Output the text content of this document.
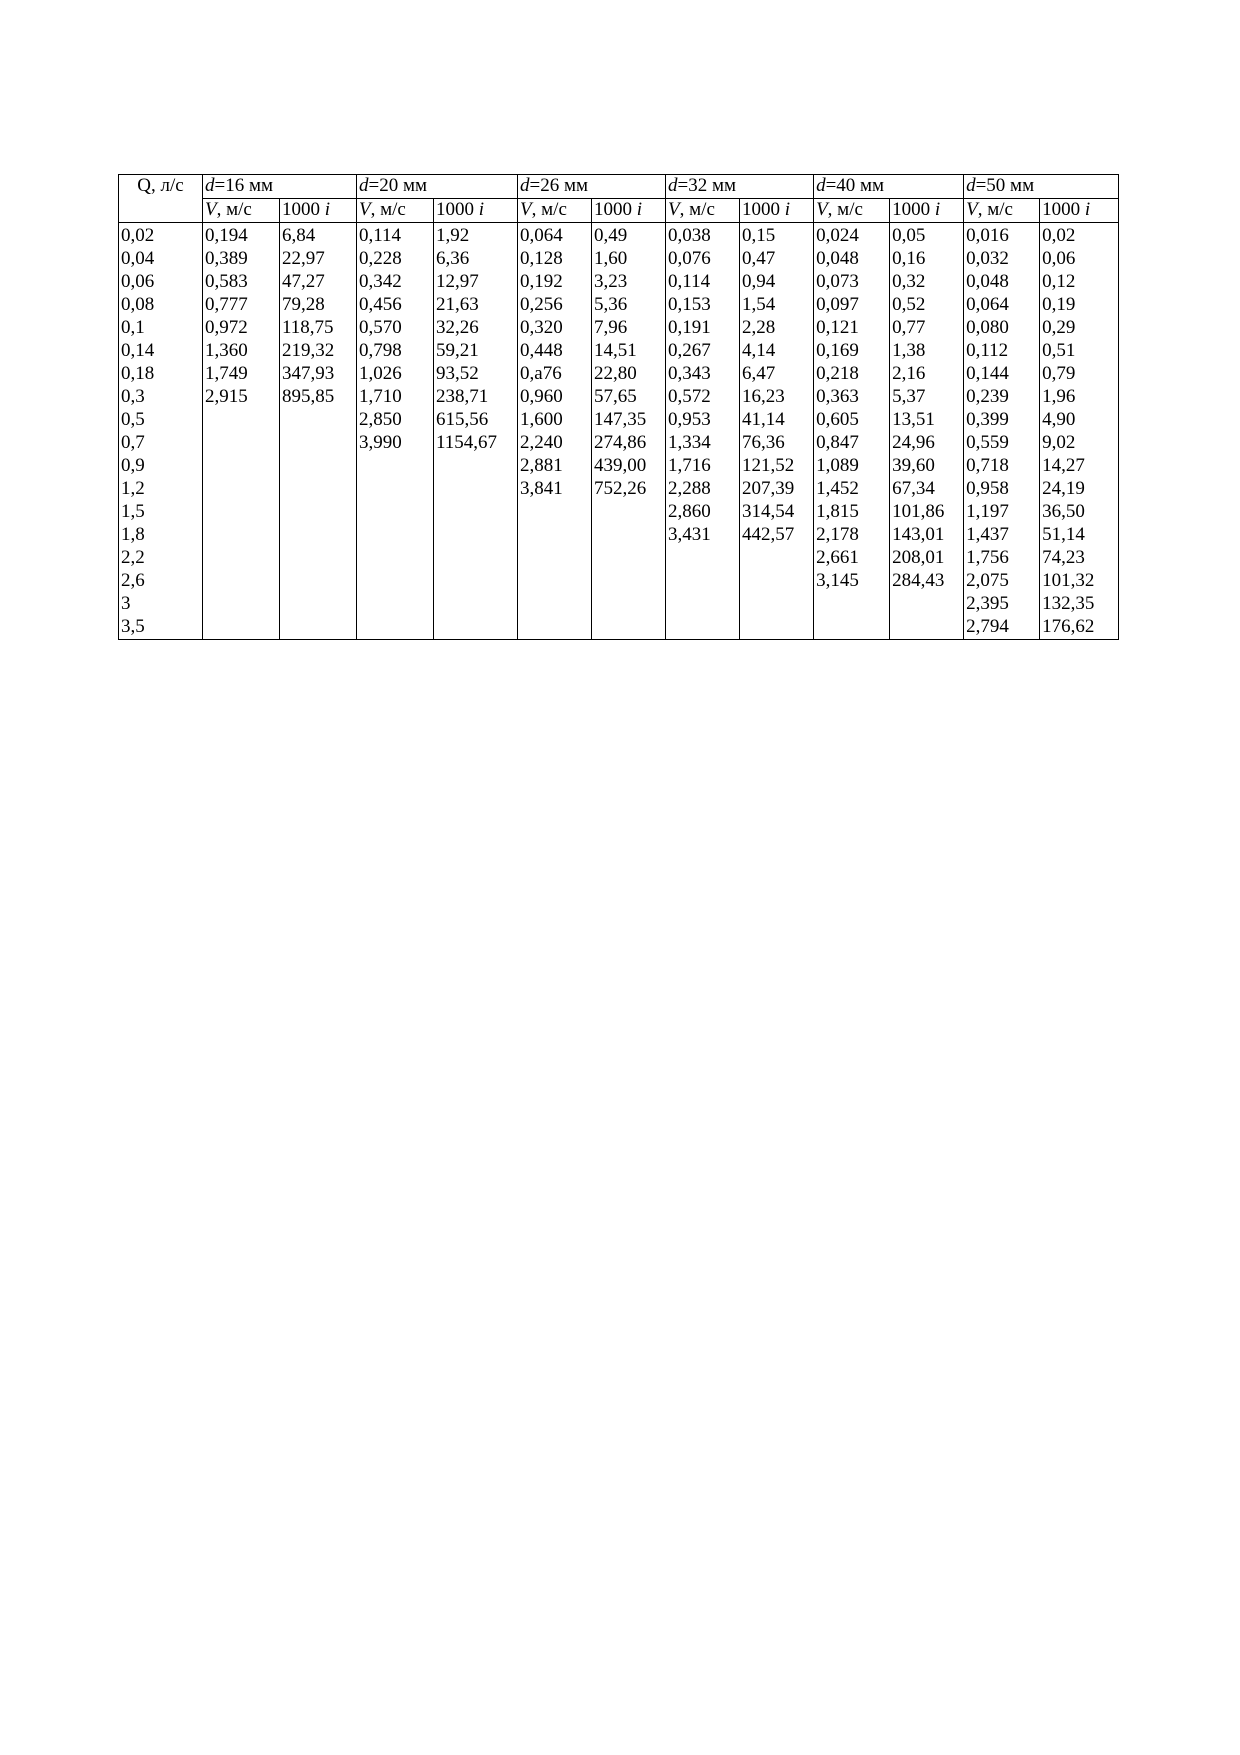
Q, л/с	d=16 мм		d=20 мм		d=26 мм		d=32 мм		d=40 мм		d=50 мм	
	V, м/с	1000 i	V, м/с	1000 i	V, м/с	1000 i	V, м/с	1000 i	V, м/с	1000 i	V, м/с	1000 i
0,02	0,194	6,84	0,114	1,92	0,064	0,49	0,038	0,15	0,024	0,05	0,016	0,02
0,04	0,389	22,97	0,228	6,36	0,128	1,60	0,076	0,47	0,048	0,16	0,032	0,06
0,06	0,583	47,27	0,342	12,97	0,192	3,23	0,114	0,94	0,073	0,32	0,048	0,12
0,08	0,777	79,28	0,456	21,63	0,256	5,36	0,153	1,54	0,097	0,52	0,064	0,19
0,1	0,972	118,75	0,570	32,26	0,320	7,96	0,191	2,28	0,121	0,77	0,080	0,29
0,14	1,360	219,32	0,798	59,21	0,448	14,51	0,267	4,14	0,169	1,38	0,112	0,51
0,18	1,749	347,93	1,026	93,52	0,a76	22,80	0,343	6,47	0,218	2,16	0,144	0,79
0,3	2,915	895,85	1,710	238,71	0,960	57,65	0,572	16,23	0,363	5,37	0,239	1,96
0,5			2,850	615,56	1,600	147,35	0,953	41,14	0,605	13,51	0,399	4,90
0,7			3,990	1154,67	2,240	274,86	1,334	76,36	0,847	24,96	0,559	9,02
0,9					2,881	439,00	1,716	121,52	1,089	39,60	0,718	14,27
1,2					3,841	752,26	2,288	207,39	1,452	67,34	0,958	24,19
1,5							2,860	314,54	1,815	101,86	1,197	36,50
1,8							3,431	442,57	2,178	143,01	1,437	51,14
2,2									2,661	208,01	1,756	74,23
2,6									3,145	284,43	2,075	101,32
3											2,395	132,35
3,5											2,794	176,62
